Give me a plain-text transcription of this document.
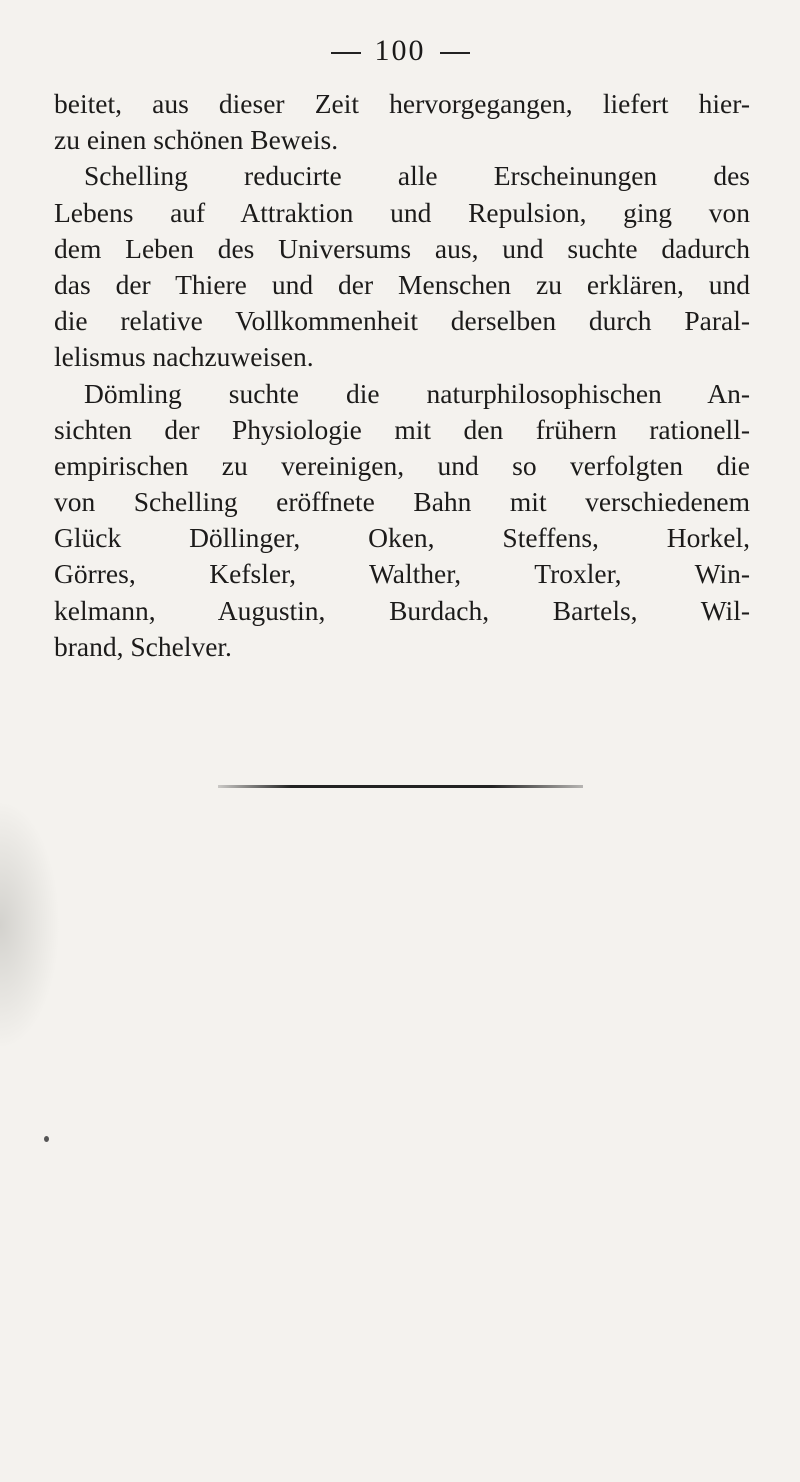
100
beitet, aus dieser Zeit hervorgegangen, liefert hier-
zu einen schönen Beweis.
Schelling reducirte alle Erscheinungen des
Lebens auf Attraktion und Repulsion, ging von
dem Leben des Universums aus, und suchte dadurch
das der Thiere und der Menschen zu erklären, und
die relative Vollkommenheit derselben durch Paral-
lelismus nachzuweisen.
Dömling suchte die naturphilosophischen An-
sichten der Physiologie mit den frühern rationell-
empirischen zu vereinigen, und so verfolgten die
von Schelling eröffnete Bahn mit verschiedenem
Glück Döllinger, Oken, Steffens, Horkel,
Görres, Kefsler, Walther, Troxler, Win-
kelmann, Augustin, Burdach, Bartels, Wil-
brand, Schelver.
